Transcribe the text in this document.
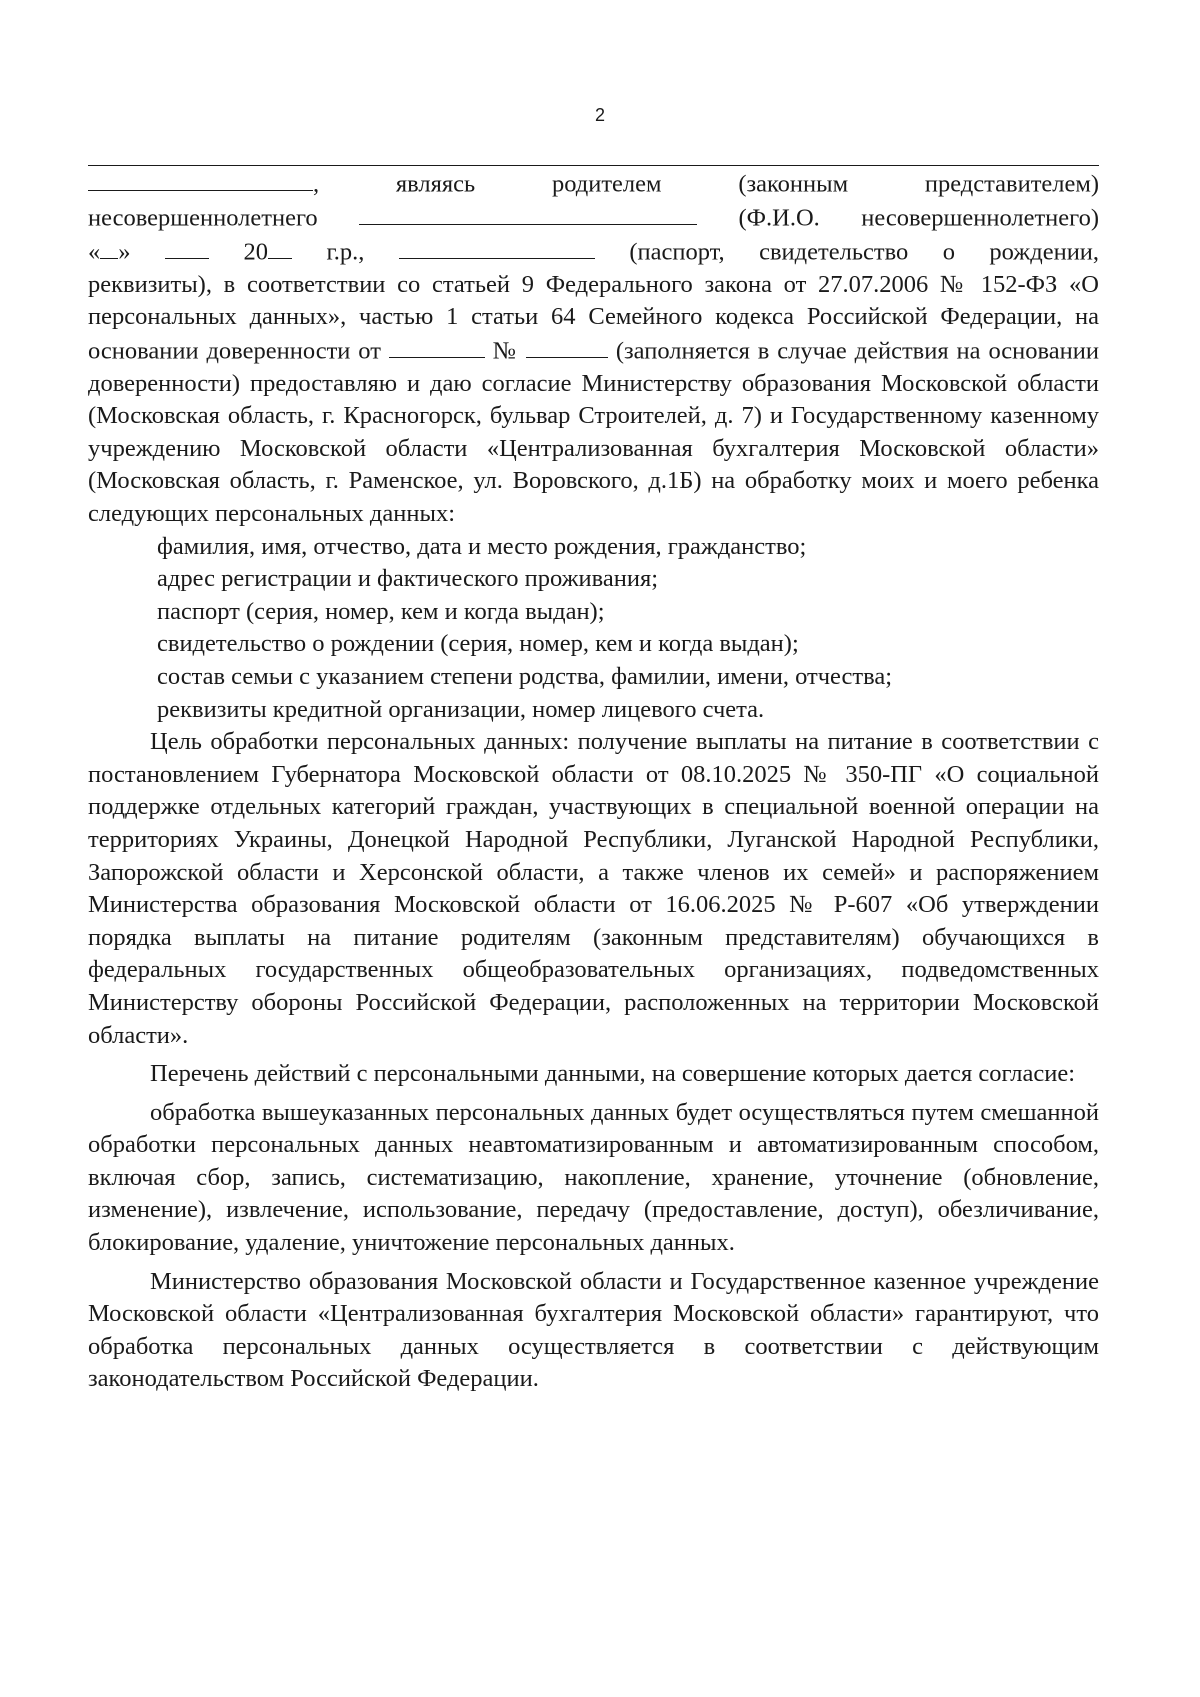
2
,	являясь	родителем	(законным	представителем)
несовершеннолетнего	(Ф.И.О. несовершеннолетнего)
« »	20 г.р.,	(паспорт, свидетельство о рождении,

реквизиты), в соответствии со статьей 9 Федерального закона от 27.07.2006 № 152-ФЗ «О персональных данных», частью 1 статьи 64 Семейного кодекса Российской Федерации, на основании доверенности от	№	(заполняется в случае действия на основании доверенности) предоставляю и даю согласие Министерству образования Московской области (Московская область, г. Красногорск, бульвар Строителей, д. 7) и Государственному казенному учреждению Московской области «Централизованная бухгалтерия Московской области» (Московская область, г. Раменское, ул. Воровского, д.1Б) на обработку моих и моего ребенка следующих персональных данных:

фамилия, имя, отчество, дата и место рождения, гражданство;
адрес регистрации и фактического проживания;
паспорт (серия, номер, кем и когда выдан);
свидетельство о рождении (серия, номер, кем и когда выдан);
состав семьи с указанием степени родства, фамилии, имени, отчества;
реквизиты кредитной организации, номер лицевого счета.

Цель обработки персональных данных: получение выплаты на питание в соответствии с постановлением Губернатора Московской области от 08.10.2025 № 350-ПГ «О социальной поддержке отдельных категорий граждан, участвующих в специальной военной операции на территориях Украины, Донецкой Народной Республики, Луганской Народной Республики, Запорожской области и Херсонской области, а также членов их семей» и распоряжением Министерства образования Московской области от 16.06.2025 № Р-607 «Об утверждении порядка выплаты на питание родителям (законным представителям) обучающихся в федеральных государственных общеобразовательных организациях, подведомственных Министерству обороны Российской Федерации, расположенных на территории Московской области».

Перечень действий с персональными данными, на совершение которых дается согласие:

обработка вышеуказанных персональных данных будет осуществляться путем смешанной обработки персональных данных неавтоматизированным и автоматизированным способом, включая сбор, запись, систематизацию, накопление, хранение, уточнение (обновление, изменение), извлечение, использование, передачу (предоставление, доступ), обезличивание, блокирование, удаление, уничтожение персональных данных.

Министерство образования Московской области и Государственное казенное учреждение Московской области «Централизованная бухгалтерия Московской области» гарантируют, что обработка персональных данных осуществляется в соответствии с действующим законодательством Российской Федерации.
